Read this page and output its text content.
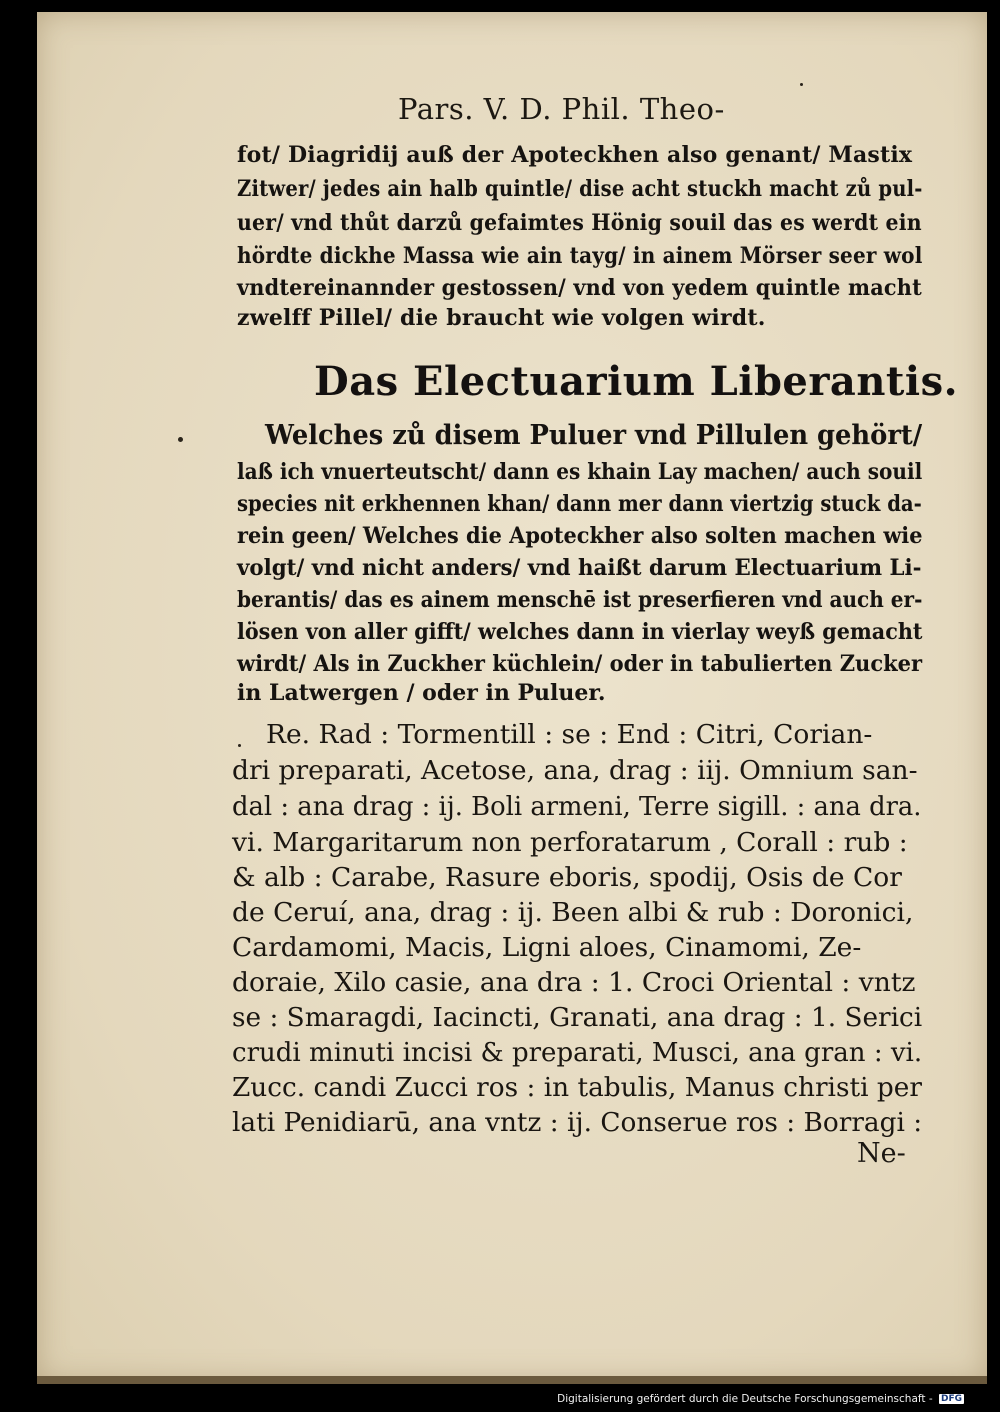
Pars. V. D. Phil. Theo-
fot/ Diagridij auß der Apoteckhen also genant/ Mastix
Zitwer/ jedes ain halb quintle/ dise acht stuckh macht zů pul-
uer/ vnd thůt darzů gefaimtes Hönig souil das es werdt ein
hördte dickhe Massa wie ain tayg/ in ainem Mörser seer wol
vndtereinannder gestossen/ vnd von yedem quintle macht
zwelff Pillel/ die braucht wie volgen wirdt.
Das Electuarium Liberantis.
Welches zů disem Puluer vnd Pillulen gehört/
laß ich vnuerteutscht/ dann es khain Lay machen/ auch souil
species nit erkhennen khan/ dann mer dann viertzig stuck da-
rein geen/ Welches die Apoteckher also solten machen wie
volgt/ vnd nicht anders/ vnd haißt darum Electuarium Li-
berantis/ das es ainem menschē ist preserfieren vnd auch er-
lösen von aller gifft/ welches dann in vierlay weyß gemacht
wirdt/ Als in Zuckher küchlein/ oder in tabulierten Zucker
in Latwergen / oder in Puluer.
Re. Rad : Tormentill : se : End : Citri, Corian-
dri preparati, Acetose, ana, drag : iij. Omnium san-
dal : ana drag : ij. Boli armeni, Terre sigill. : ana dra.
vi. Margaritarum non perforatarum , Corall : rub :
& alb : Carabe, Rasure eboris, spodij, Osis de Cor
de Ceruí, ana, drag : ij. Been albi & rub : Doronici,
Cardamomi, Macis, Ligni aloes, Cinamomi, Ze-
doraie, Xilo casie, ana dra : 1. Croci Oriental : vntz
se : Smaragdi, Iacincti, Granati, ana drag : 1. Serici
crudi minuti incisi & preparati, Musci, ana gran : vi.
Zucc. candi Zucci ros : in tabulis, Manus christi per
lati Penidiarū, ana vntz : ij. Conserue ros : Borragi :
Ne-
Digitalisierung gefördert durch die Deutsche Forschungsgemeinschaft - DFG
